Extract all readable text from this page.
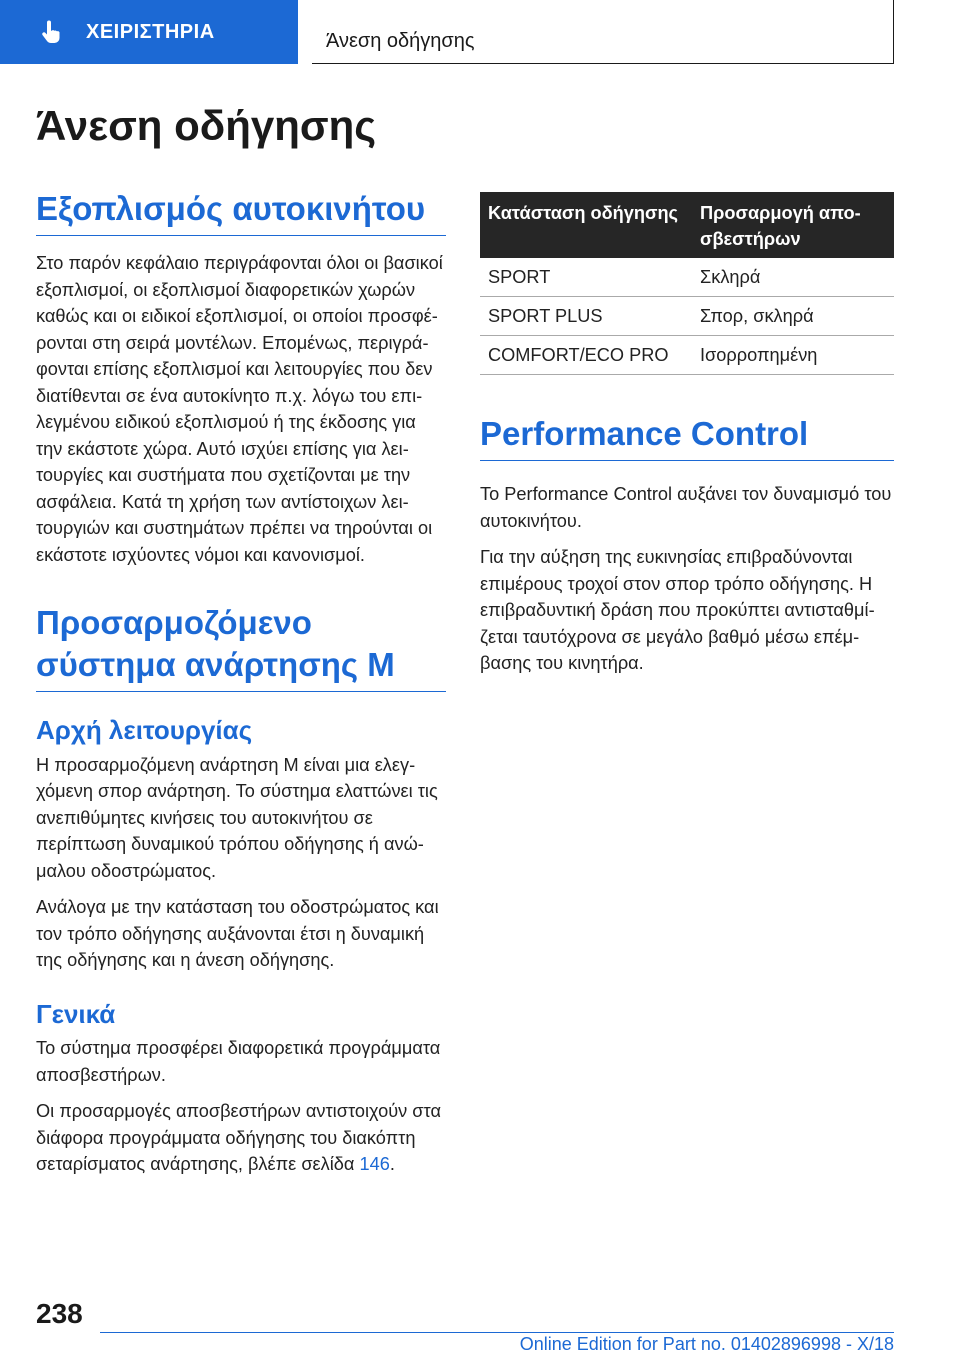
ΧΕΙΡΙΣΤΗΡΙΑ	Άνεση οδήγησης
Άνεση οδήγησης
Εξοπλισμός αυτοκινήτου

Στο παρόν κεφάλαιο περιγράφονται όλοι οι βασικοί εξοπλισμοί, οι εξοπλισμοί διαφορετικών χωρών καθώς και οι ειδικοί εξοπλισμοί, οι οποίοι προσφέρονται στη σειρά μοντέλων. Επομένως, περιγράφονται επίσης εξοπλισμοί και λειτουργίες που δεν διατίθενται σε ένα αυτοκίνητο π.χ. λόγω του επιλεγμένου ειδικού εξοπλισμού ή της έκδοσης για την εκάστοτε χώρα. Αυτό ισχύει επίσης για λειτουργίες και συστήματα που σχετίζονται με την ασφάλεια. Κατά τη χρήση των αντίστοιχων λειτουργιών και συστημάτων πρέπει να τηρούνται οι εκάστοτε ισχύοντες νόμοι και κανονισμοί.

Προσαρμοζόμενο σύστημα ανάρτησης M
Αρχή λειτουργίας

Η προσαρμοζόμενη ανάρτηση M είναι μια ελεγχόμενη σπορ ανάρτηση. Το σύστημα ελαττώνει τις ανεπιθύμητες κινήσεις του αυτοκινήτου σε περίπτωση δυναμικού τρόπου οδήγησης ή ανώμαλου οδοστρώματος.

Ανάλογα με την κατάσταση του οδοστρώματος και τον τρόπο οδήγησης αυξάνονται έτσι η δυναμική της οδήγησης και η άνεση οδήγησης.

Γενικά

Το σύστημα προσφέρει διαφορετικά προγράμματα αποσβεστήρων.

Οι προσαρμογές αποσβεστήρων αντιστοιχούν στα διάφορα προγράμματα οδήγησης του διακόπτη σεταρίσματος ανάρτησης, βλέπε σελίδα 146.

Κατάσταση οδήγησης	Προσαρμογή αποσβεστήρων
SPORT	Σκληρά
SPORT PLUS	Σπορ, σκληρά
COMFORT/ECO PRO	Ισορροπημένη
Performance Control

Το Performance Control αυξάνει τον δυναμισμό του αυτοκινήτου.

Για την αύξηση της ευκινησίας επιβραδύνονται επιμέρους τροχοί στον σπορ τρόπο οδήγησης. Η επιβραδυντική δράση που προκύπτει αντισταθμίζεται ταυτόχρονα σε μεγάλο βαθμό μέσω επέμβασης του κινητήρα.

238
Online Edition for Part no. 01402896998 - X/18
